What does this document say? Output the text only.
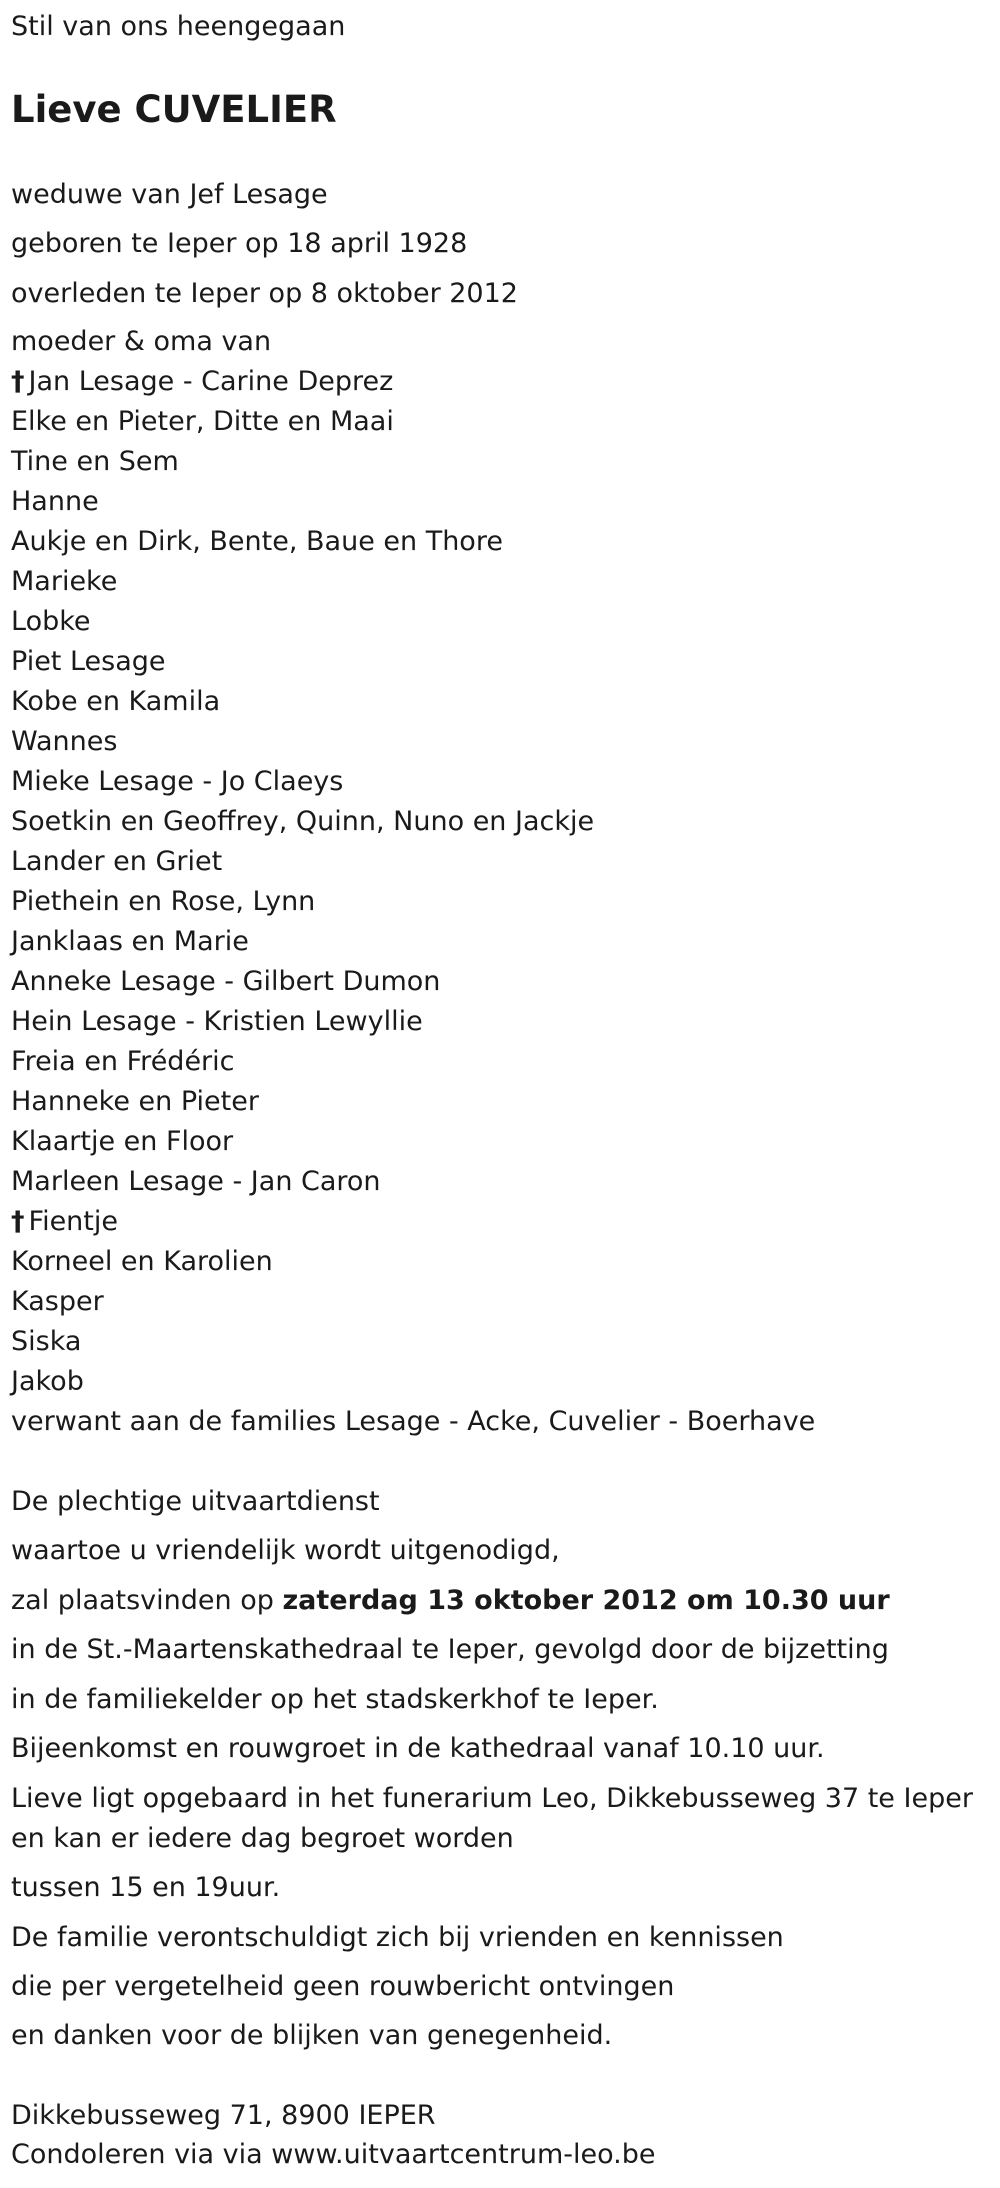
Stil van ons heengegaan
Lieve CUVELIER
weduwe van Jef Lesage
geboren te Ieper op 18 april 1928
overleden te Ieper op 8 oktober 2012
moeder & oma van
† Jan Lesage - Carine Deprez
Elke en Pieter, Ditte en Maai
Tine en Sem
Hanne
Aukje en Dirk, Bente, Baue en Thore
Marieke
Lobke
Piet Lesage
Kobe en Kamila
Wannes
Mieke Lesage - Jo Claeys
Soetkin en Geoffrey, Quinn, Nuno en Jackje
Lander en Griet
Piethein en Rose, Lynn
Janklaas en Marie
Anneke Lesage - Gilbert Dumon
Hein Lesage - Kristien Lewyllie
Freia en Frédéric
Hanneke en Pieter
Klaartje en Floor
Marleen Lesage - Jan Caron
† Fientje
Korneel en Karolien
Kasper
Siska
Jakob
verwant aan de families Lesage - Acke, Cuvelier - Boerhave
De plechtige uitvaartdienst
waartoe u vriendelijk wordt uitgenodigd,
zal plaatsvinden op zaterdag 13 oktober 2012 om 10.30 uur
in de St.-Maartenskathedraal te Ieper, gevolgd door de bijzetting
in de familiekelder op het stadskerkhof te Ieper.
Bijeenkomst en rouwgroet in de kathedraal vanaf 10.10 uur.
Lieve ligt opgebaard in het funerarium Leo, Dikkebusseweg 37 te Ieper
en kan er iedere dag begroet worden
tussen 15 en 19uur.
De familie verontschuldigt zich bij vrienden en kennissen
die per vergetelheid geen rouwbericht ontvingen
en danken voor de blijken van genegenheid.
Dikkebusseweg 71, 8900 IEPER
Condoleren via via www.uitvaartcentrum-leo.be
